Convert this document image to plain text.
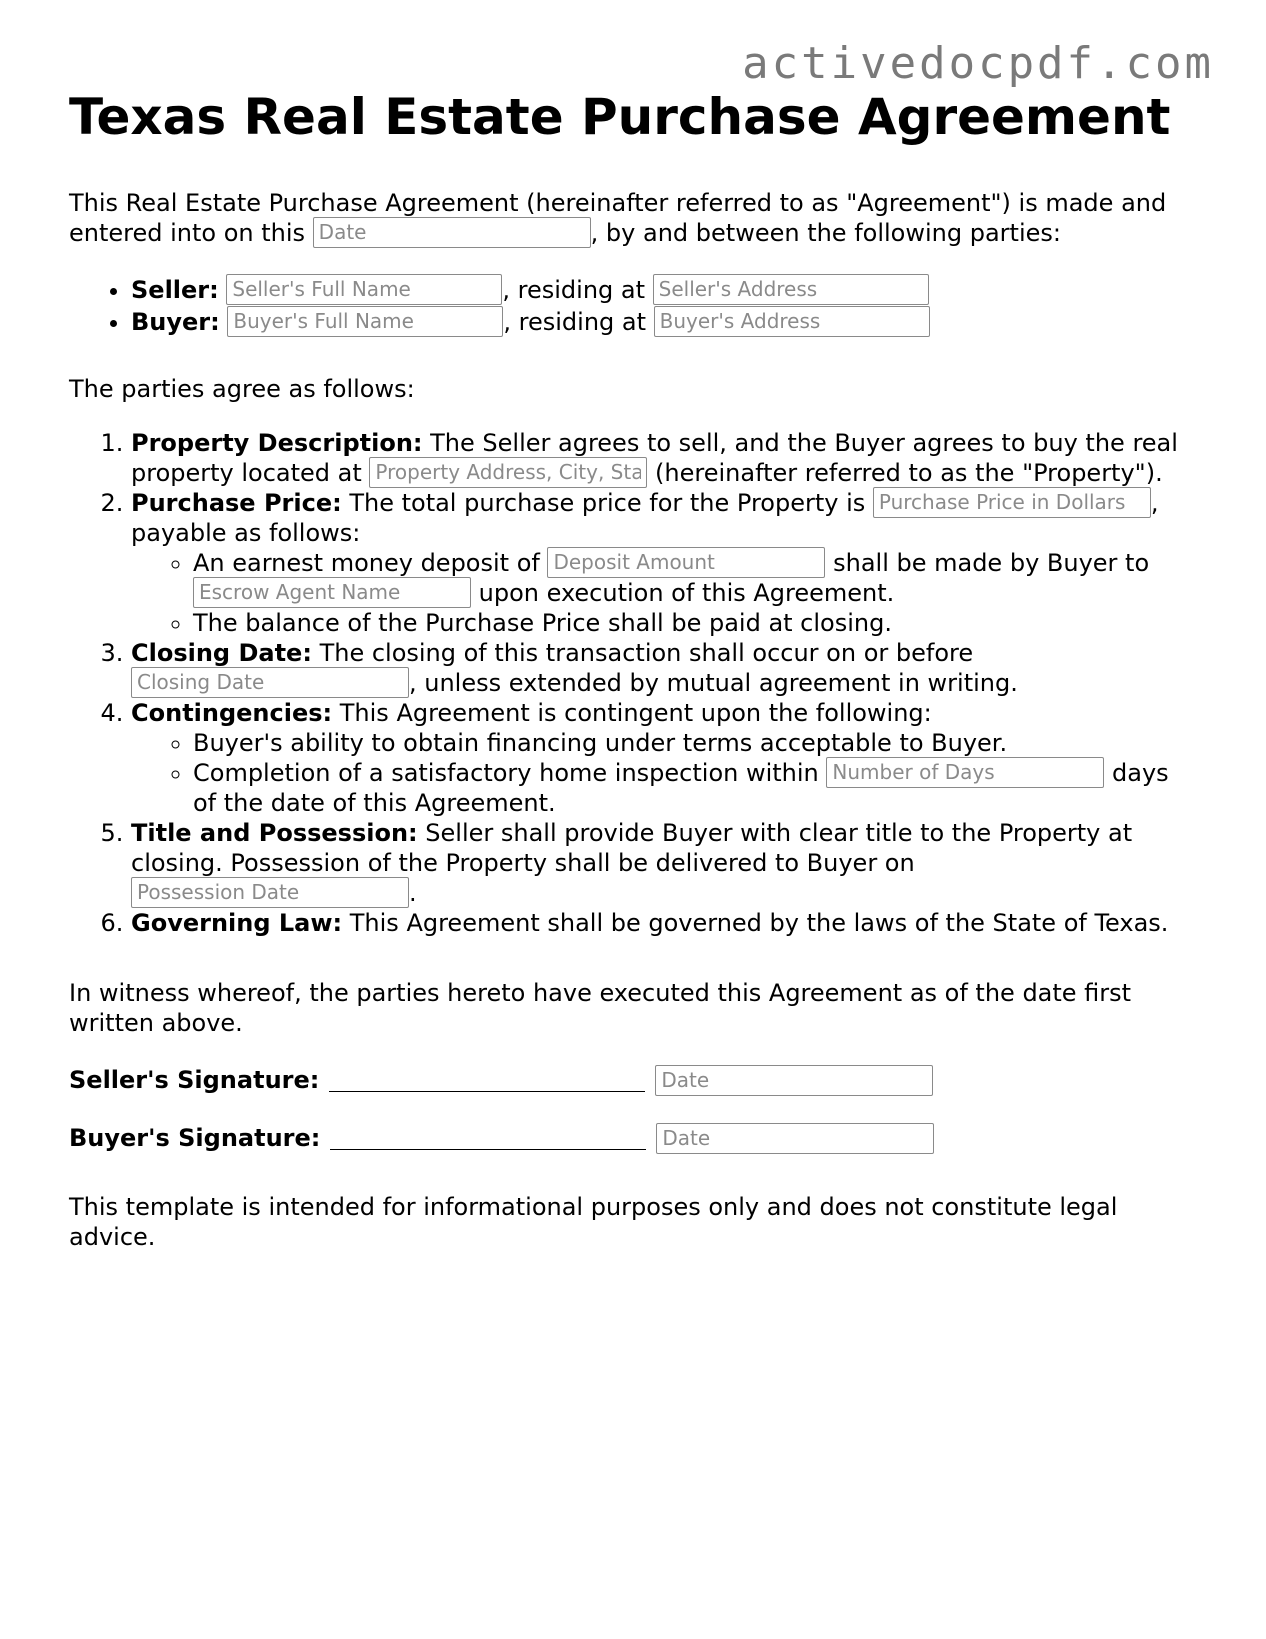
activedocpdf.com
Texas Real Estate Purchase Agreement

This Real Estate Purchase Agreement (hereinafter referred to as "Agreement") is made and entered into on this Date	, by and between the following parties:

• Seller: Seller's Full Name	, residing at Seller's Address
• Buyer: Buyer's Full Name	, residing at Buyer's Address

The parties agree as follows:

1. Property Description: The Seller agrees to sell, and the Buyer agrees to buy the real property located at Property Address, City, State	(hereinafter referred to as the "Property").
2. Purchase Price: The total purchase price for the Property is Purchase Price in Dollars	, payable as follows:
◦ An earnest money deposit of Deposit Amount	shall be made by Buyer to Escrow Agent Name upon execution of this Agreement.
◦ The balance of the Purchase Price shall be paid at closing.
3. Closing Date: The closing of this transaction shall occur on or before Closing Date, unless extended by mutual agreement in writing.
4. Contingencies: This Agreement is contingent upon the following:
◦ Buyer's ability to obtain financing under terms acceptable to Buyer.
◦ Completion of a satisfactory home inspection within Number of Days	days of the date of this Agreement.
5. Title and Possession: Seller shall provide Buyer with clear title to the Property at closing. Possession of the Property shall be delivered to Buyer on Possession Date.
6. Governing Law: This Agreement shall be governed by the laws of the State of Texas.

In witness whereof, the parties hereto have executed this Agreement as of the date first written above.

Seller's Signature:
Date
Buyer's Signature:
Date

This template is intended for informational purposes only and does not constitute legal advice.
